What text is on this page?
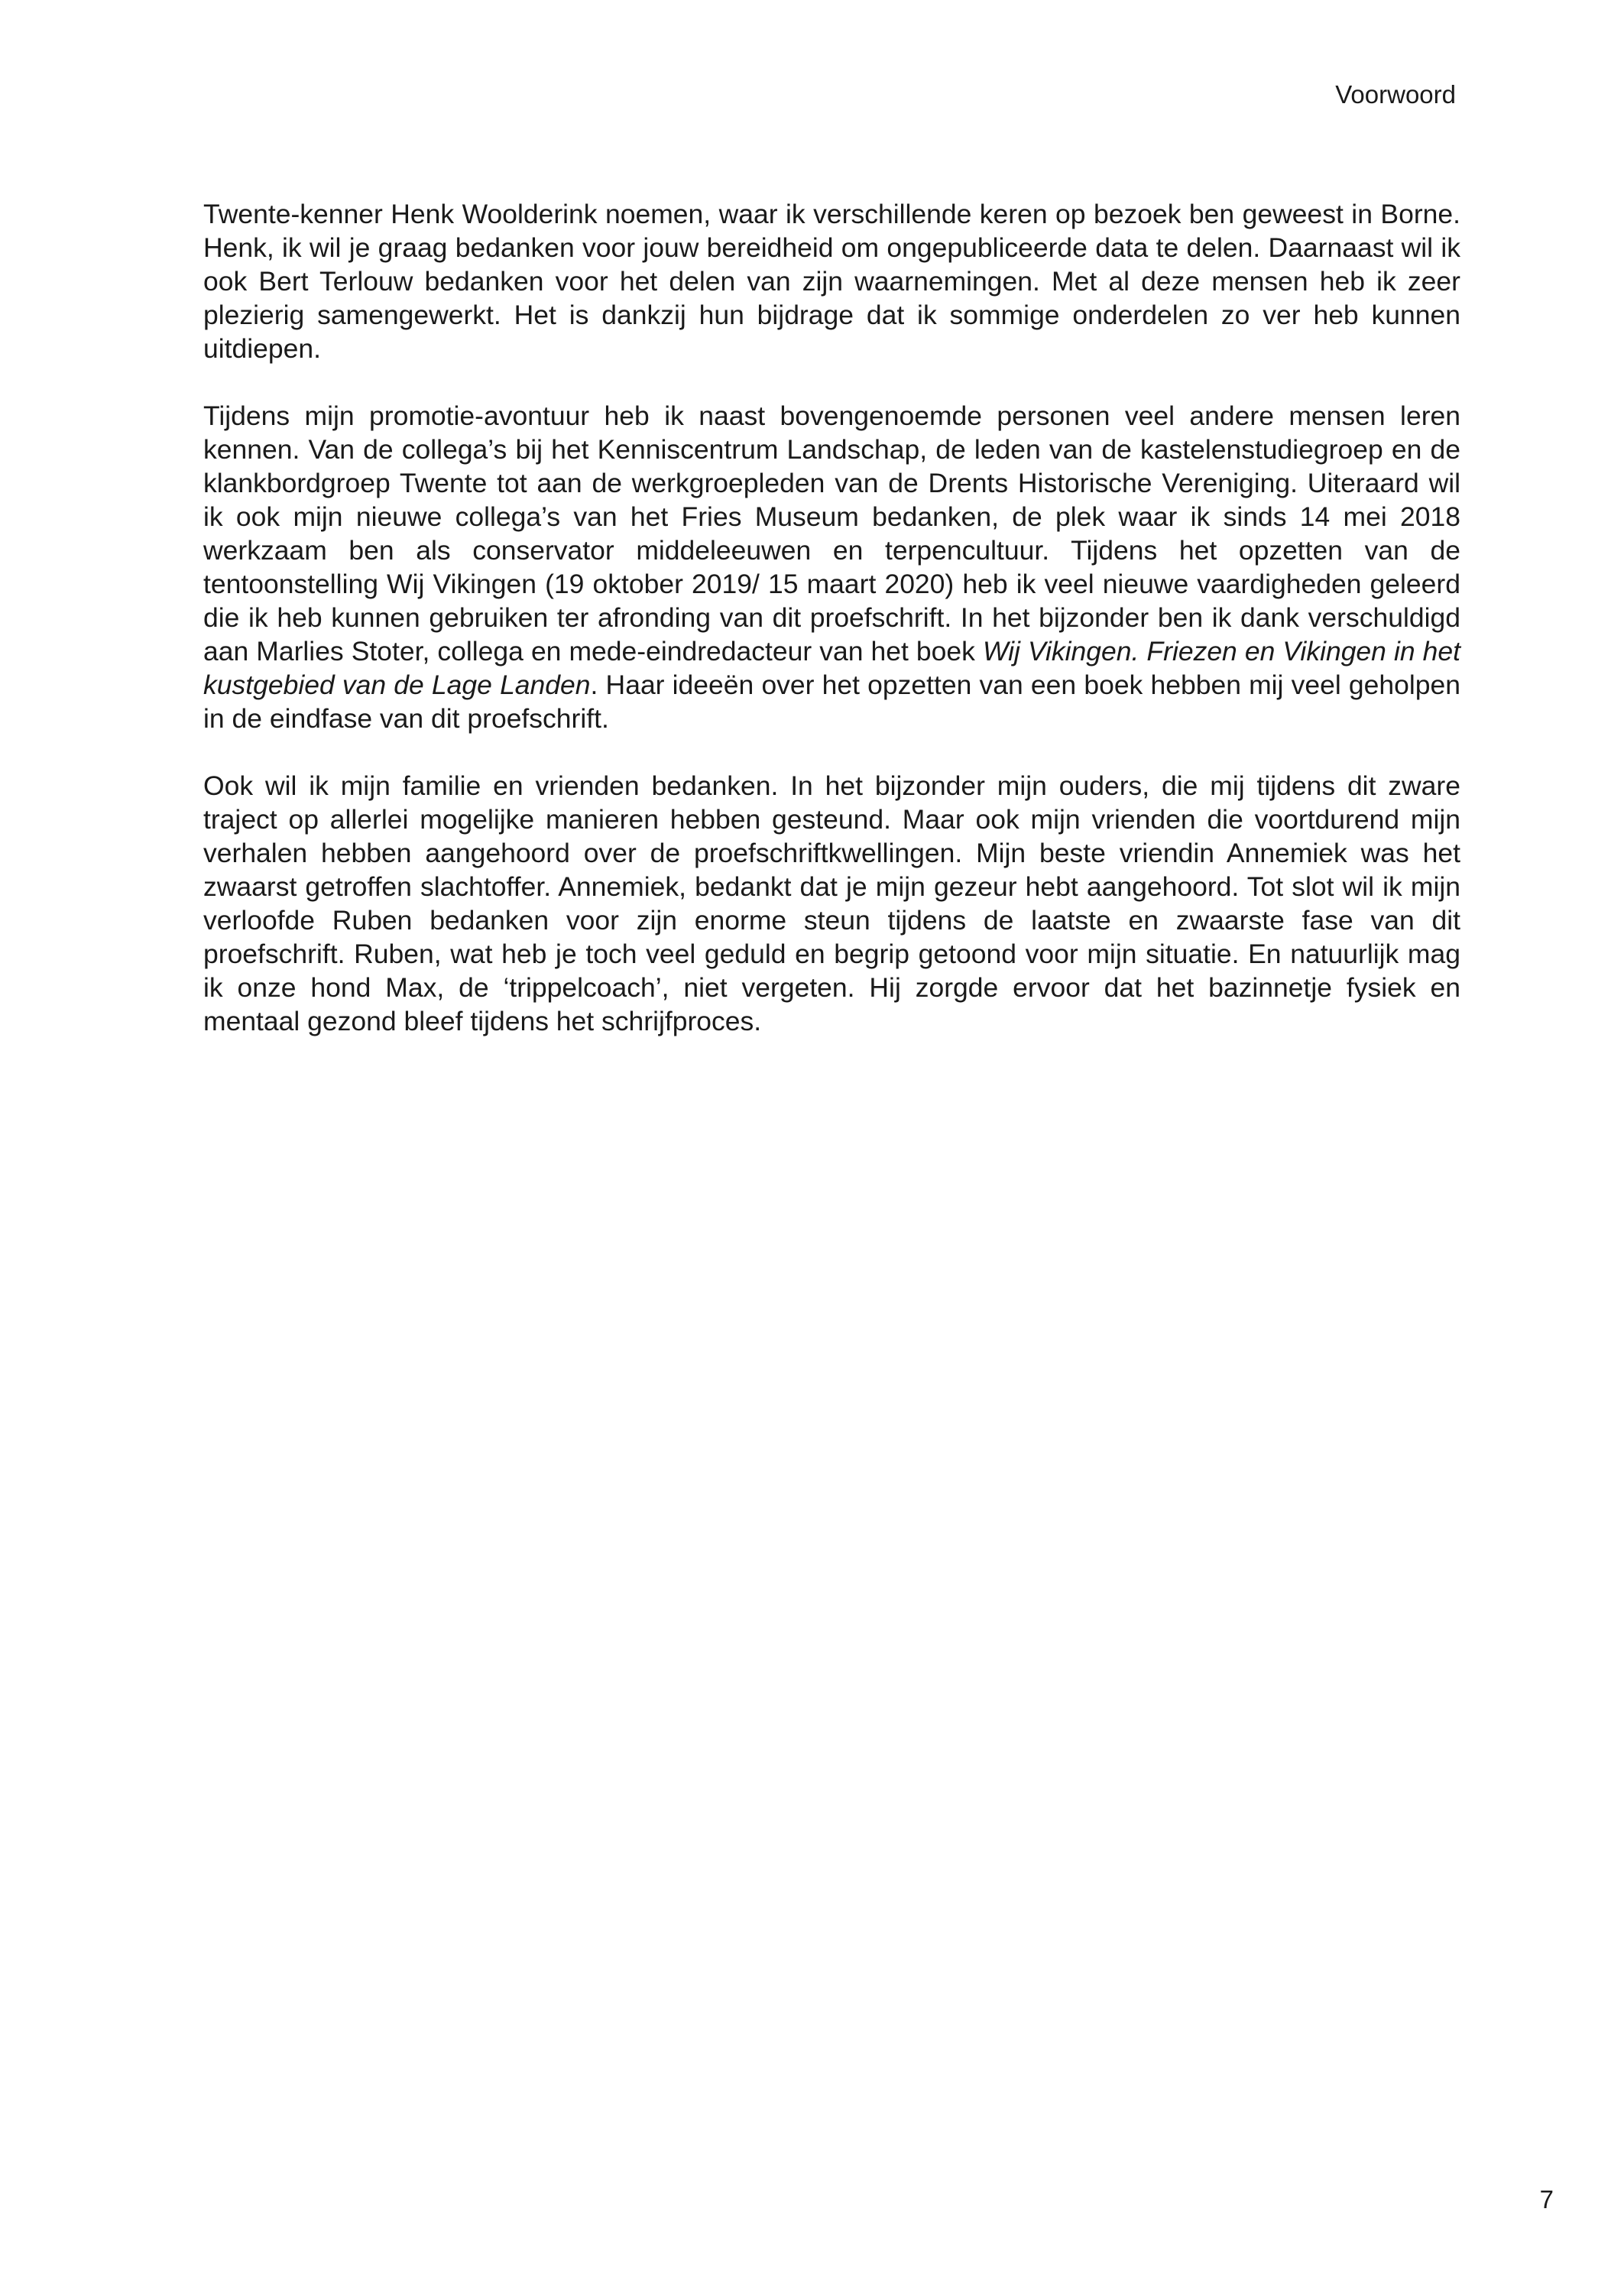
Voorwoord

Twente-kenner Henk Woolderink noemen, waar ik verschillende keren op bezoek ben geweest in Borne. Henk, ik wil je graag bedanken voor jouw bereidheid om ongepubliceerde data te delen. Daarnaast wil ik ook Bert Terlouw bedanken voor het delen van zijn waarnemingen. Met al deze mensen heb ik zeer plezierig samengewerkt. Het is dankzij hun bijdrage dat ik sommige onderdelen zo ver heb kunnen uitdiepen.

Tijdens mijn promotie-avontuur heb ik naast bovengenoemde personen veel andere mensen leren kennen. Van de collega’s bij het Kenniscentrum Landschap, de leden van de kastelenstudiegroep en de klankbordgroep Twente tot aan de werkgroepleden van de Drents Historische Vereniging. Uiteraard wil ik ook mijn nieuwe collega’s van het Fries Museum bedanken, de plek waar ik sinds 14 mei 2018 werkzaam ben als conservator middeleeuwen en terpencultuur. Tijdens het opzetten van de tentoonstelling Wij Vikingen (19 oktober 2019/ 15 maart 2020) heb ik veel nieuwe vaardigheden geleerd die ik heb kunnen gebruiken ter afronding van dit proefschrift. In het bijzonder ben ik dank verschuldigd aan Marlies Stoter, collega en mede-eindredacteur van het boek Wij Vikingen. Friezen en Vikingen in het kustgebied van de Lage Landen. Haar ideeën over het opzetten van een boek hebben mij veel geholpen in de eindfase van dit proefschrift.

Ook wil ik mijn familie en vrienden bedanken. In het bijzonder mijn ouders, die mij tijdens dit zware traject op allerlei mogelijke manieren hebben gesteund. Maar ook mijn vrienden die voortdurend mijn verhalen hebben aangehoord over de proefschriftkwellingen. Mijn beste vriendin Annemiek was het zwaarst getroffen slachtoffer. Annemiek, bedankt dat je mijn gezeur hebt aangehoord. Tot slot wil ik mijn verloofde Ruben bedanken voor zijn enorme steun tijdens de laatste en zwaarste fase van dit proefschrift. Ruben, wat heb je toch veel geduld en begrip getoond voor mijn situatie. En natuurlijk mag ik onze hond Max, de ‘trippelcoach’, niet vergeten. Hij zorgde ervoor dat het bazinnetje fysiek en mentaal gezond bleef tijdens het schrijfproces.

7
